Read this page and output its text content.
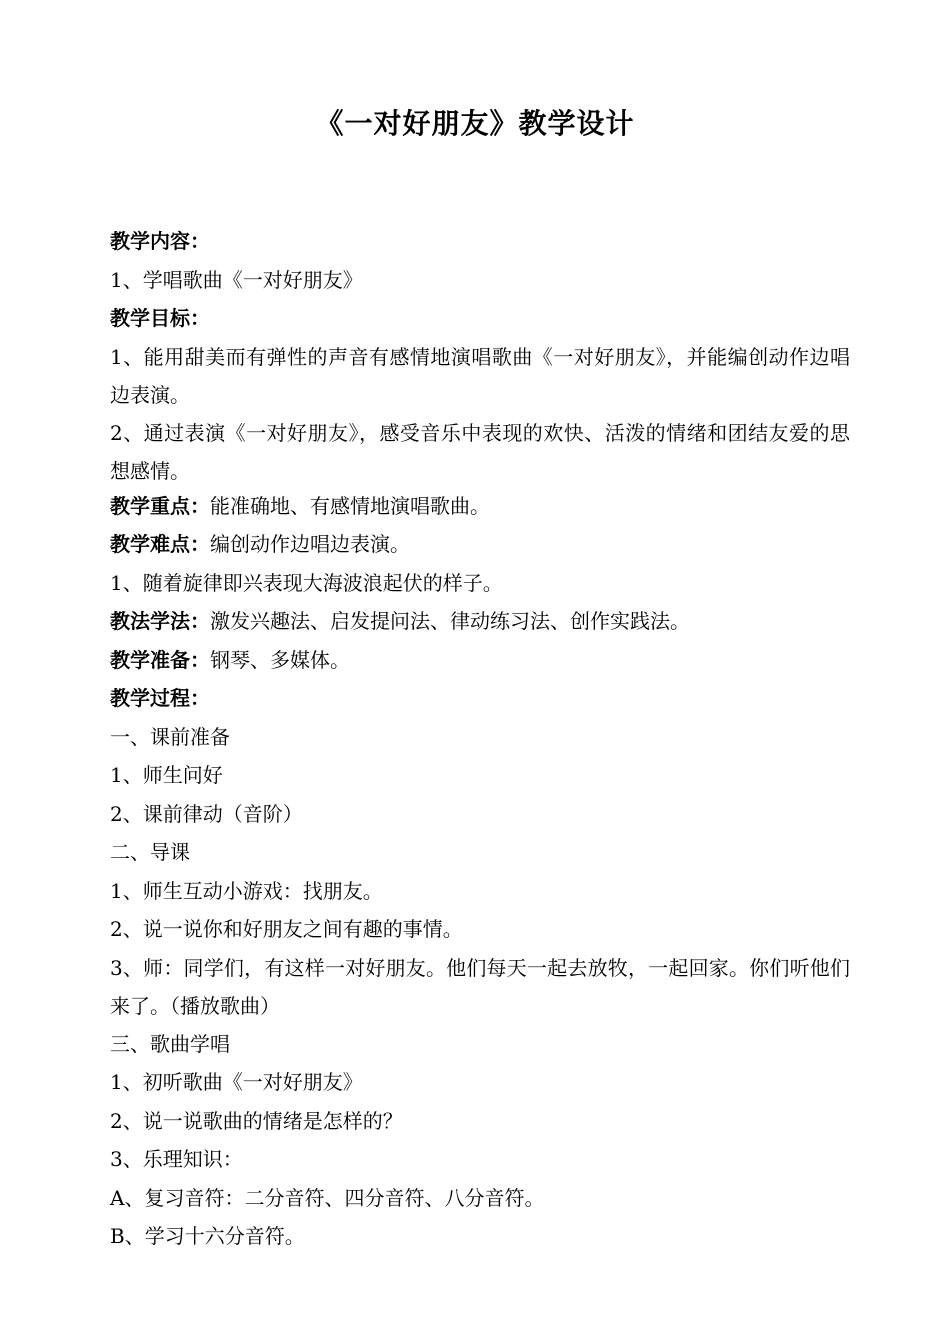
《一对好朋友》教学设计
教学内容：
1、学唱歌曲《一对好朋友》
教学目标：
1、能用甜美而有弹性的声音有感情地演唱歌曲《一对好朋友》，并能编创动作边唱边表演。
2、通过表演《一对好朋友》，感受音乐中表现的欢快、活泼的情绪和团结友爱的思想感情。
教学重点：能准确地、有感情地演唱歌曲。
教学难点：编创动作边唱边表演。
1、随着旋律即兴表现大海波浪起伏的样子。
教法学法：激发兴趣法、启发提问法、律动练习法、创作实践法。
教学准备：钢琴、多媒体。
教学过程：
一、课前准备
1、师生问好
2、课前律动（音阶）
二、导课
1、师生互动小游戏：找朋友。
2、说一说你和好朋友之间有趣的事情。
3、师：同学们，有这样一对好朋友。他们每天一起去放牧，一起回家。你们听他们来了。（播放歌曲）
三、歌曲学唱
1、初听歌曲《一对好朋友》
2、说一说歌曲的情绪是怎样的？
3、乐理知识：
A、复习音符：二分音符、四分音符、八分音符。
B、学习十六分音符。
